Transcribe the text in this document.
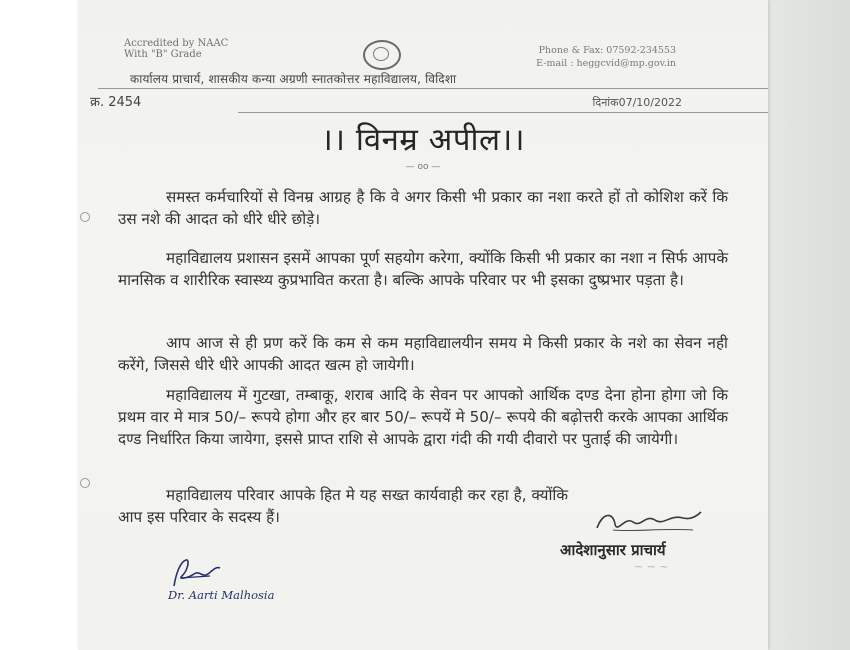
Accredited by NAAC
With "B" Grade	Phone & Fax: 07592-234553
E-mail : heggcvid@mp.gov.in
कार्यालय प्राचार्य, शासकीय कन्या अग्रणी स्नातकोत्तर महाविद्यालय, विदिशा
क्र. 2454	दिनांक07/10/2022
।। विनम्र अपील।।
— oo —

समस्त कर्मचारियों से विनम्र आग्रह है कि वे अगर किसी भी प्रकार का नशा करते हों तो कोशिश करें कि उस नशे की आदत को धीरे धीरे छोड़े।

महाविद्यालय प्रशासन इसमें आपका पूर्ण सहयोग करेगा, क्योंकि किसी भी प्रकार का नशा न सिर्फ आपके मानसिक व शारीरिक स्वास्थ्य कुप्रभावित करता है। बल्कि आपके परिवार पर भी इसका दुष्प्रभार पड़ता है।

आप आज से ही प्रण करें कि कम से कम महाविद्यालयीन समय मे किसी प्रकार के नशे का सेवन नही करेंगे, जिससे धीरे धीरे आपकी आदत खत्म हो जायेगी।

महाविद्यालय में गुटखा, तम्बाकू, शराब आदि के सेवन पर आपको आर्थिक दण्ड देना होना होगा जो कि प्रथम वार मे मात्र 50/– रूपये होगा और हर बार 50/– रूपयें मे 50/– रूपये की बढ़ोत्तरी करके आपका आर्थिक दण्ड निर्धारित किया जायेगा, इससे प्राप्त राशि से आपके द्वारा गंदी की गयी दीवारो पर पुताई की जायेगी।

महाविद्यालय परिवार आपके हित मे यह सख्त कार्यवाही कर रहा है, क्योंकि आप इस परिवार के सदस्य हैं।

आदेशानुसार प्राचार्य
~ ~ ~
Dr. Aarti Malhosia
